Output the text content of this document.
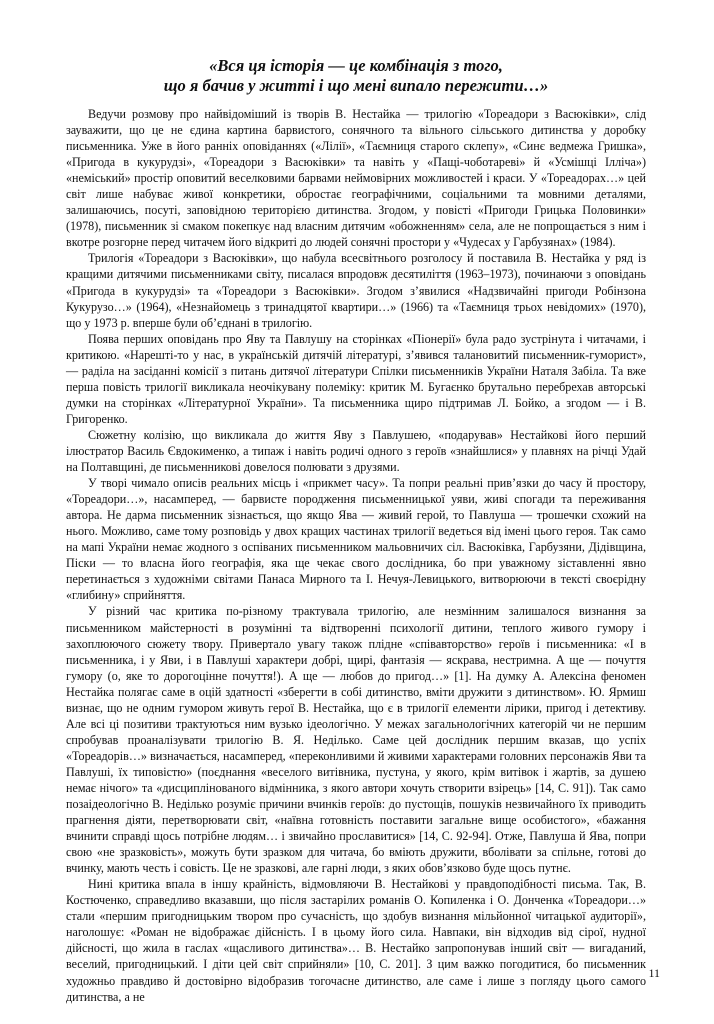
«Вся ця історія — це комбінація з того,
що я бачив у житті і що мені випало пережити…»

Ведучи розмову про найвідоміший із творів В. Нестайка — трилогію «Тореадори з Васюківки», слід зауважити, що це не єдина картина барвистого, сонячного та вільного сільського дитинства у доробку письменника. Уже в його ранніх оповіданнях («Лілії», «Таємниця старого склепу», «Синє ведмежа Гришка», «Пригода в кукурудзі», «Тореадори з Васюківки» та навіть у «Пащі-чоботареві» й «Усмішці Ілліча») «неміський» простір оповитий веселковими барвами неймовірних можливостей і краси. У «Тореадорах…» цей світ лише набуває живої конкретики, обростає географічними, соціальними та мовними деталями, залишаючись, посуті, заповідною територією дитинства. Згодом, у повісті «Пригоди Грицька Половинки» (1978), письменник зі смаком покепкує над власним дитячим «обожненням» села, але не попрощається з ним і вкотре розгорне перед читачем його відкриті до людей сонячні простори у «Чудесах у Гарбузянах» (1984).

Трилогія «Тореадори з Васюківки», що набула всесвітнього розголосу й поставила В. Нестайка у ряд із кращими дитячими письменниками світу, писалася впродовж десятиліття (1963–1973), починаючи з оповідань «Пригода в кукурудзі» та «Тореадори з Васюківки». Згодом з’явилися «Надзвичайні пригоди Робінзона Кукурузо…» (1964), «Незнайомець з тринадцятої квартири…» (1966) та «Таємниця трьох невідомих» (1970), що у 1973 р. вперше були об’єднані в трилогію.

Поява перших оповідань про Яву та Павлушу на сторінках «Піонерії» була радо зустрінута і читачами, і критикою. «Нарешті-то у нас, в українській дитячій літературі, з’явився талановитий письменник-гуморист», — раділа на засіданні комісії з питань дитячої літератури Спілки письменників України Наталя Забіла. Та вже перша повість трилогії викликала неочікувану полеміку: критик М. Бугаєнко брутально перебрехав авторські думки на сторінках «Літературної України». Та письменника щиро підтримав Л. Бойко, а згодом — і В. Григоренко.

Сюжетну колізію, що викликала до життя Яву з Павлушею, «подарував» Нестайкові його перший ілюстратор Василь Євдокименко, а типаж і навіть родичі одного з героїв «знайшлися» у плавнях на річці Удай на Полтавщині, де письменникові довелося полювати з друзями.

У творі чимало описів реальних місць і «прикмет часу». Та попри реальні прив’язки до часу й простору, «Тореадори…», насамперед, — барвисте породження письменницької уяви, живі спогади та переживання автора. Не дарма письменник зізнається, що якщо Ява — живий герой, то Павлуша — трошечки схожий на нього. Можливо, саме тому розповідь у двох кращих частинах трилогії ведеться від імені цього героя. Так само на мапі України немає жодного з оспіваних письменником мальовничих сіл. Васюківка, Гарбузяни, Дідівщина, Піски — то власна його географія, яка ще чекає свого дослідника, бо при уважному зіставленні явно перетинається з художніми світами Панаса Мирного та І. Нечуя-Левицького, витворюючи в тексті своєрідну «глибину» сприйняття.

У різний час критика по-різному трактувала трилогію, але незмінним залишалося визнання за письменником майстерності в розумінні та відтворенні психології дитини, теплого живого гумору і захоплюючого сюжету твору. Привертало увагу також плідне «співавторство» героїв і письменника: «І в письменника, і у Яви, і в Павлуші характери добрі, щирі, фантазія — яскрава, нестримна. А ще — почуття гумору (о, яке то дорогоцінне почуття!). А ще — любов до пригод…» [1]. На думку А. Алексіна феномен Нестайка полягає саме в оцій здатності «зберегти в собі дитинство, вміти дружити з дитинством». Ю. Ярмиш визнає, що не одним гумором живуть герої В. Нестайка, що є в трилогії елементи лірики, пригод і детективу. Але всі ці позитиви трактуються ним вузько ідеологічно. У межах загальнологічних категорій чи не першим спробував проаналізувати трилогію В. Я. Неділько. Саме цей дослідник першим вказав, що успіх «Тореадорів…» визначається, насамперед, «переконливими й живими характерами головних персонажів Яви та Павлуші, їх типовістю» (поєднання «веселого витівника, пустуна, у якого, крім витівок і жартів, за душею немає нічого» та «дисциплінованого відмінника, з якого автори хочуть створити взірець» [14, С. 91]). Так само позаідеологічно В. Неділько розуміє причини вчинків героїв: до пустощів, пошуків незвичайного їх приводить прагнення діяти, перетворювати світ, «наївна готовність поставити загальне вище особистого», «бажання вчинити справді щось потрібне людям… і звичайно прославитися» [14, С. 92-94]. Отже, Павлуша й Ява, попри свою «не зразковість», можуть бути зразком для читача, бо вміють дружити, вболівати за спільне, готові до вчинку, мають честь і совість. Це не зразкові, але гарні люди, з яких обов’язково буде щось путнє.

Нині критика впала в іншу крайність, відмовляючи В. Нестайкові у правдоподібності письма. Так, В. Костюченко, справедливо вказавши, що після застарілих романів О. Копиленка і О. Донченка «Тореадори…» стали «першим пригодницьким твором про сучасність, що здобув визнання мільйонної читацької аудиторії», наголошує: «Роман не відображає дійсність. І в цьому його сила. Навпаки, він відходив від сірої, нудної дійсності, що жила в гаслах «щасливого дитинства»… В. Нестайко запропонував інший світ — вигаданий, веселий, пригодницький. І діти цей світ сприйняли» [10, С. 201]. З цим важко погодитися, бо письменник художньо правдиво й достовірно відобразив тогочасне дитинство, але саме і лише з погляду цього самого дитинства, а не

11
